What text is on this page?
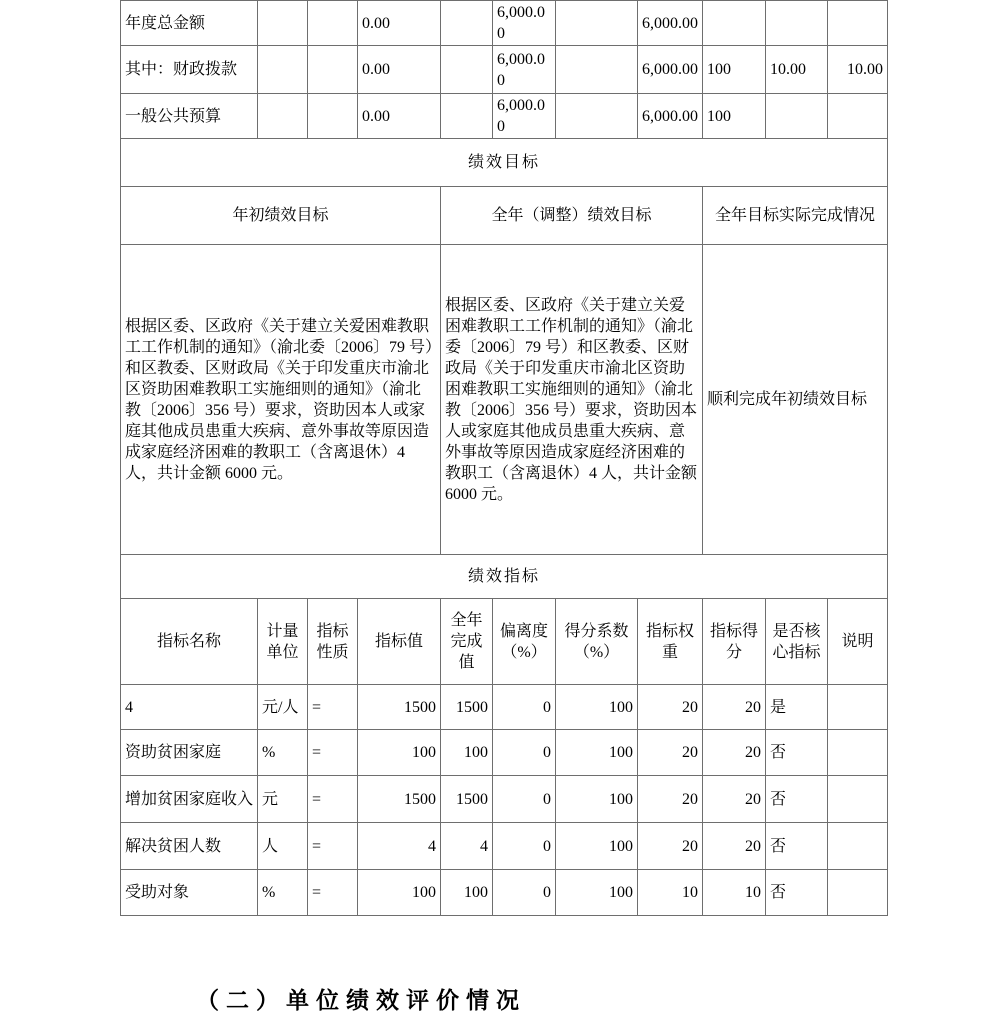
年度总金额			0.00		6,000.00		6,000.00			
其中：财政拨款			0.00		6,000.00		6,000.00	100	10.00	10.00
一般公共预算			0.00		6,000.00		6,000.00	100		
绩效目标										
年初绩效目标				全年（调整）绩效目标				全年目标实际完成情况		
根据区委、区政府《关于建立关爱困难教职工工作机制的通知》（渝北委〔2006〕79 号）和区教委、区财政局《关于印发重庆市渝北区资助困难教职工实施细则的通知》（渝北教〔2006〕356 号）要求，资助因本人或家庭其他成员患重大疾病、意外事故等原因造成家庭经济困难的教职工（含离退休）4 人，共计金额 6000 元。				根据区委、区政府《关于建立关爱困难教职工工作机制的通知》（渝北委〔2006〕79 号）和区教委、区财政局《关于印发重庆市渝北区资助困难教职工实施细则的通知》（渝北教〔2006〕356 号）要求，资助因本人或家庭其他成员患重大疾病、意外事故等原因造成家庭经济困难的教职工（含离退休）4 人，共计金额 6000 元。				顺利完成年初绩效目标		
绩效指标										
指标名称	计量单位	指标性质	指标值	全年完成值	偏离度（%）	得分系数（%）	指标权重	指标得分	是否核心指标	说明
4	元/人	=	1500	1500	0	100	20	20	是	
资助贫困家庭	%	=	100	100	0	100	20	20	否	
增加贫困家庭收入	元	=	1500	1500	0	100	20	20	否	
解决贫困人数	人	=	4	4	0	100	20	20	否	
受助对象	%	=	100	100	0	100	10	10	否	
（二）单位绩效评价情况
